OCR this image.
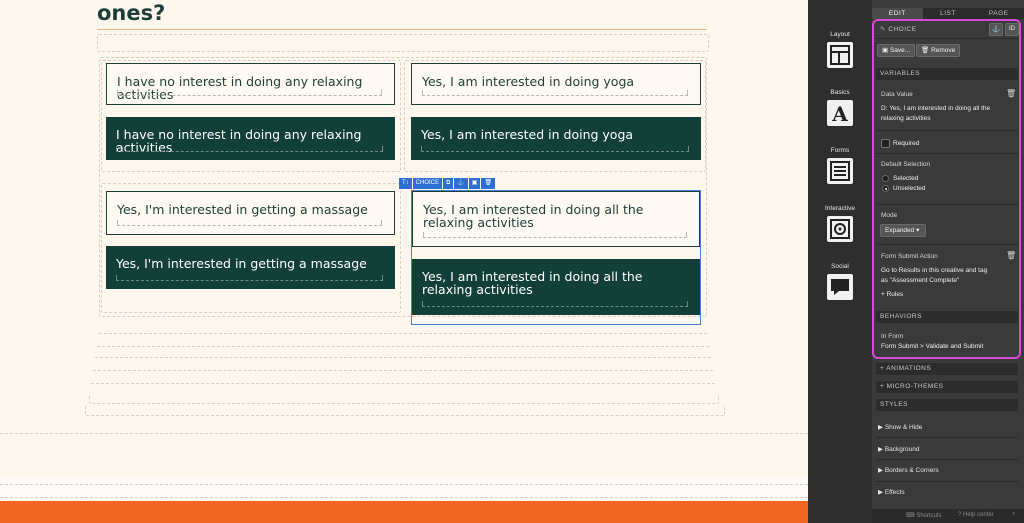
ones?
I have no interest in doing any relaxing activities
Yes, I am interested in doing yoga
I have no interest in doing any relaxing activities
Yes, I am interested in doing yoga
Yes, I'm interested in getting a massage	Yes, I am interested in doing all the relaxing activities
Yes, I'm interested in getting a massage
Yes, I am interested in doing all the relaxing activities
T↕	CHOICE	⧉	⚓	▣	🗑
Layout
Basics
A
Forms
Interactive
Social
EDIT	LIST	PAGE
✎ CHOICE	⚓	ID
▣ Save...	🗑 Remove
VARIABLES
Data Value	🗑
D: Yes, I am interested in doing all the relaxing activities
Required
Default Selection
Selected
Unselected
Mode
Expanded ▾
Form Submit Action	🗑
Go to Results in this creative and tag as "Assessment Complete"
+ Rules
BEHAVIORS
In Form
Form Submit > Validate and Submit
+ ANIMATIONS
+ MICRO-THEMES
STYLES
▶ Show & Hide
▶ Background
▶ Borders & Corners
▶ Effects
⌨ Shortcuts	? Help center	⌕
